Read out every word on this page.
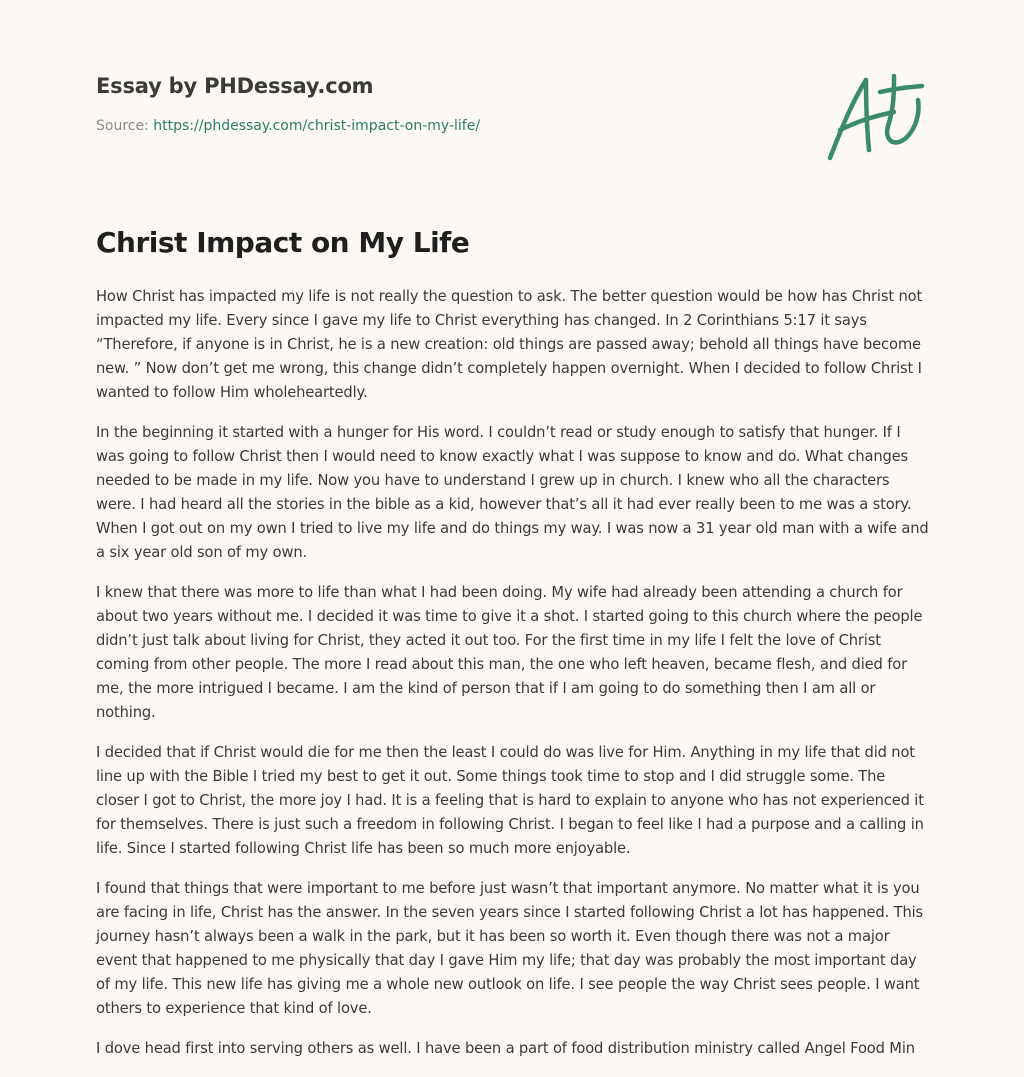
Essay by PHDessay.com
Source: https://phdessay.com/christ-impact-on-my-life/
Christ Impact on My Life

How Christ has impacted my life is not really the question to ask. The better question would be how has Christ not impacted my life. Every since I gave my life to Christ everything has changed. In 2 Corinthians 5:17 it says “Therefore, if anyone is in Christ, he is a new creation: old things are passed away; behold all things have become new. ” Now don’t get me wrong, this change didn’t completely happen overnight. When I decided to follow Christ I wanted to follow Him wholeheartedly.

In the beginning it started with a hunger for His word. I couldn’t read or study enough to satisfy that hunger. If I was going to follow Christ then I would need to know exactly what I was suppose to know and do. What changes needed to be made in my life. Now you have to understand I grew up in church. I knew who all the characters were. I had heard all the stories in the bible as a kid, however that’s all it had ever really been to me was a story. When I got out on my own I tried to live my life and do things my way. I was now a 31 year old man with a wife and a six year old son of my own.

I knew that there was more to life than what I had been doing. My wife had already been attending a church for about two years without me. I decided it was time to give it a shot. I started going to this church where the people didn’t just talk about living for Christ, they acted it out too. For the first time in my life I felt the love of Christ coming from other people. The more I read about this man, the one who left heaven, became flesh, and died for me, the more intrigued I became. I am the kind of person that if I am going to do something then I am all or nothing.

I decided that if Christ would die for me then the least I could do was live for Him. Anything in my life that did not line up with the Bible I tried my best to get it out. Some things took time to stop and I did struggle some. The closer I got to Christ, the more joy I had. It is a feeling that is hard to explain to anyone who has not experienced it for themselves. There is just such a freedom in following Christ. I began to feel like I had a purpose and a calling in life. Since I started following Christ life has been so much more enjoyable.

I found that things that were important to me before just wasn’t that important anymore. No matter what it is you are facing in life, Christ has the answer. In the seven years since I started following Christ a lot has happened. This journey hasn’t always been a walk in the park, but it has been so worth it. Even though there was not a major event that happened to me physically that day I gave Him my life; that day was probably the most important day of my life. This new life has giving me a whole new outlook on life. I see people the way Christ sees people. I want others to experience that kind of love.

I dove head first into serving others as well. I have been a part of food distribution ministry called Angel Food Min
